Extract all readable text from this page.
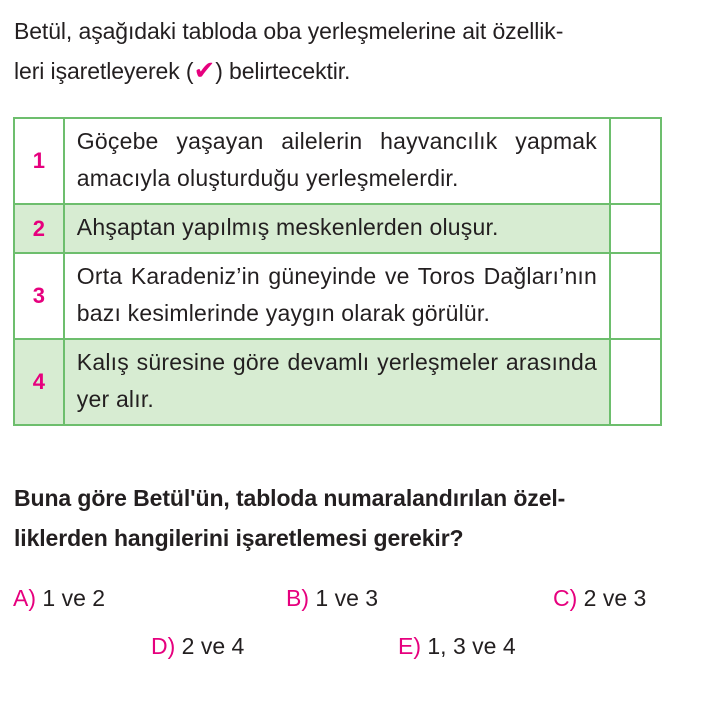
Betül, aşağıdaki tabloda oba yerleşmelerine ait özellik-
leri işaretleyerek (✔) belirtecektir.
1	Göçebe yaşayan ailelerin hayvancılık yapmak amacıyla oluşturduğu yerleşmelerdir.	
2	Ahşaptan yapılmış meskenlerden oluşur.	
3	Orta Karadeniz’in güneyinde ve Toros Dağları’nın bazı kesimlerinde yaygın olarak görülür.	
4	Kalış süresine göre devamlı yerleşmeler arasında yer alır.	
Buna göre Betül'ün, tabloda numaralandırılan özel-
liklerden hangilerini işaretlemesi gerekir?
A) 1 ve 2	B) 1 ve 3	C) 2 ve 3
D) 2 ve 4	E) 1, 3 ve 4
